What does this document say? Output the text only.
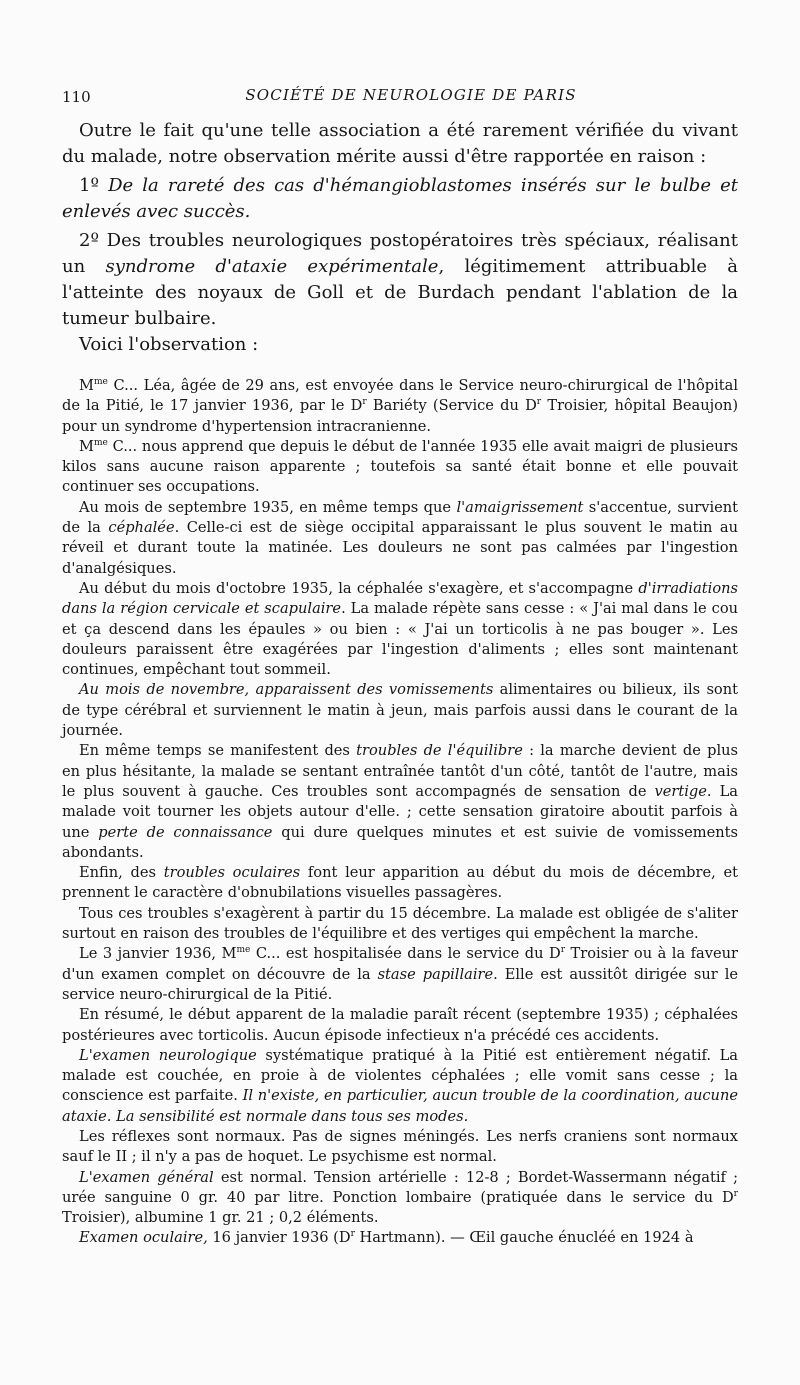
110	SOCIÉTÉ DE NEUROLOGIE DE PARIS

Outre le fait qu'une telle association a été rarement vérifiée du vivant du malade, notre observation mérite aussi d'être rapportée en raison :

1º De la rareté des cas d'hémangioblastomes insérés sur le bulbe et enlevés avec succès.

2º Des troubles neurologiques postopératoires très spéciaux, réalisant un syndrome d'ataxie expérimentale, légitimement attribuable à l'atteinte des noyaux de Goll et de Burdach pendant l'ablation de la tumeur bulbaire.

Voici l'observation :

$M^{me}$ C... Léa, âgée de 29 ans, est envoyée dans le Service neuro-chirurgical de l'hôpital de la Pitié, le 17 janvier 1936, par le $D^r$ Bariéty (Service du $D^r$ Troisier, hôpital Beaujon) pour un syndrome d'hypertension intracranienne.

$M^{me}$ C... nous apprend que depuis le début de l'année 1935 elle avait maigri de plusieurs kilos sans aucune raison apparente ; toutefois sa santé était bonne et elle pouvait continuer ses occupations.

Au mois de septembre 1935, en même temps que l'amaigrissement s'accentue, survient de la céphalée. Celle-ci est de siège occipital apparaissant le plus souvent le matin au réveil et durant toute la matinée. Les douleurs ne sont pas calmées par l'ingestion d'analgésiques.

Au début du mois d'octobre 1935, la céphalée s'exagère, et s'accompagne d'irradiations dans la région cervicale et scapulaire. La malade répète sans cesse : « J'ai mal dans le cou et ça descend dans les épaules » ou bien : « J'ai un torticolis à ne pas bouger ». Les douleurs paraissent être exagérées par l'ingestion d'aliments ; elles sont maintenant continues, empêchant tout sommeil.

Au mois de novembre, apparaissent des vomissements alimentaires ou bilieux, ils sont de type cérébral et surviennent le matin à jeun, mais parfois aussi dans le courant de la journée.

En même temps se manifestent des troubles de l'équilibre : la marche devient de plus en plus hésitante, la malade se sentant entraînée tantôt d'un côté, tantôt de l'autre, mais le plus souvent à gauche. Ces troubles sont accompagnés de sensation de vertige. La malade voit tourner les objets autour d'elle. ; cette sensation giratoire aboutit parfois à une perte de connaissance qui dure quelques minutes et est suivie de vomissements abondants.

Enfin, des troubles oculaires font leur apparition au début du mois de décembre, et prennent le caractère d'obnubilations visuelles passagères.

Tous ces troubles s'exagèrent à partir du 15 décembre. La malade est obligée de s'aliter surtout en raison des troubles de l'équilibre et des vertiges qui empêchent la marche.

Le 3 janvier 1936, $M^{me}$ C... est hospitalisée dans le service du $D^r$ Troisier ou à la faveur d'un examen complet on découvre de la stase papillaire. Elle est aussitôt dirigée sur le service neuro-chirurgical de la Pitié.

En résumé, le début apparent de la maladie paraît récent (septembre 1935) ; céphalées postérieures avec torticolis. Aucun épisode infectieux n'a précédé ces accidents.

L'examen neurologique systématique pratiqué à la Pitié est entièrement négatif. La malade est couchée, en proie à de violentes céphalées ; elle vomit sans cesse ; la conscience est parfaite. Il n'existe, en particulier, aucun trouble de la coordination, aucune ataxie. La sensibilité est normale dans tous ses modes.

Les réflexes sont normaux. Pas de signes méningés. Les nerfs craniens sont normaux sauf le II ; il n'y a pas de hoquet. Le psychisme est normal.

L'examen général est normal. Tension artérielle : 12-8 ; Bordet-Wassermann négatif ; urée sanguine 0 gr. 40 par litre. Ponction lombaire (pratiquée dans le service du $D^r$ Troisier), albumine 1 gr. 21 ; 0,2 éléments.

Examen oculaire, 16 janvier 1936 ($D^r$ Hartmann). — Œil gauche énucléé en 1924 à
